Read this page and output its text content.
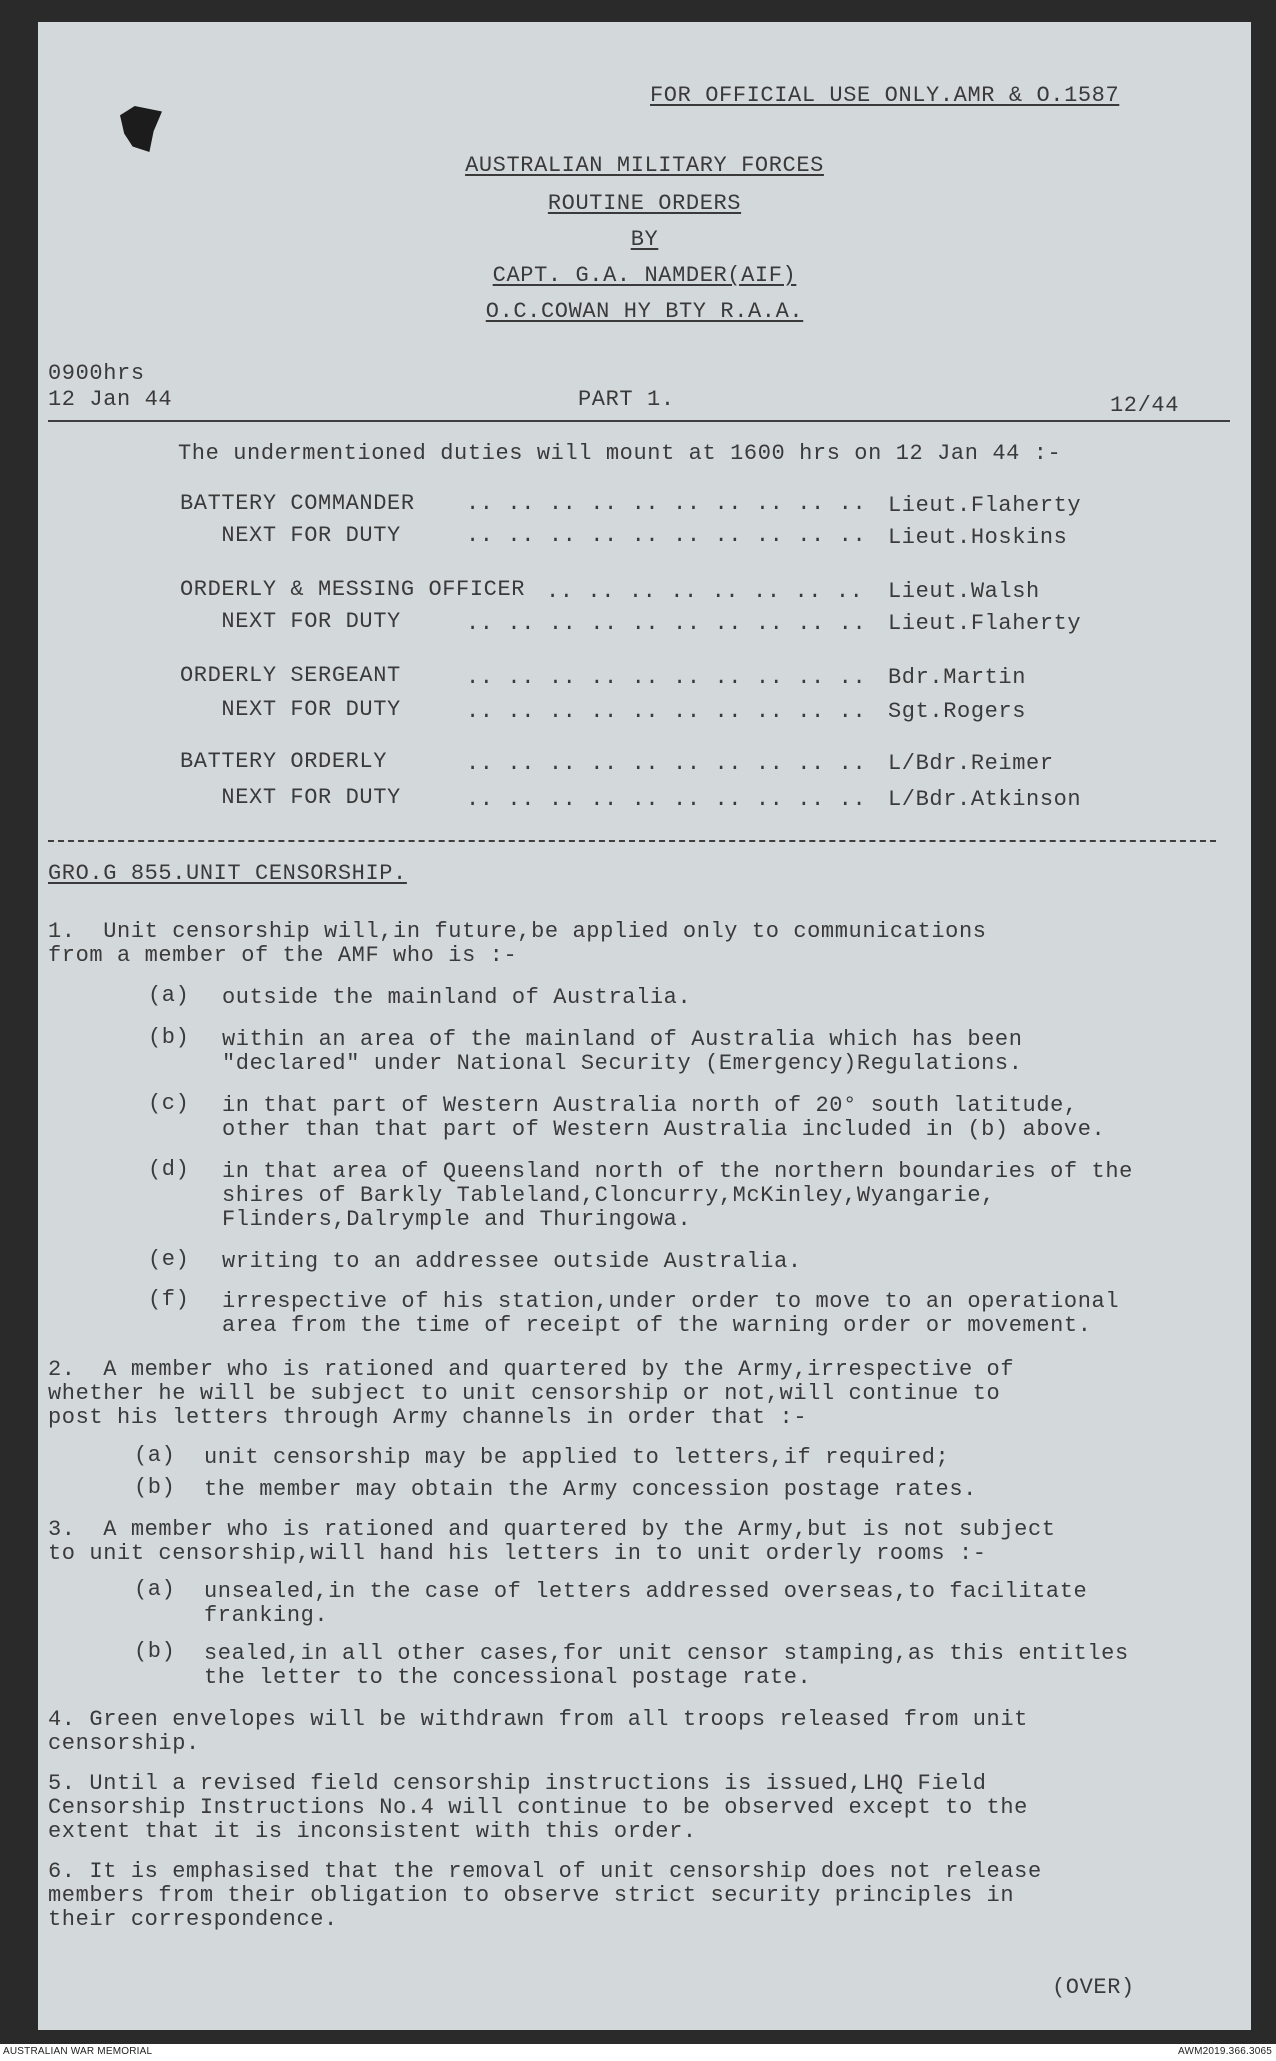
FOR OFFICIAL USE ONLY.AMR & O.1587
AUSTRALIAN MILITARY FORCES
ROUTINE ORDERS
BY
CAPT. G.A. NAMDER(AIF)
O.C.COWAN HY BTY R.A.A.
0900hrs
12 Jan 44	PART 1.	12/44
The undermentioned duties will mount at 1600 hrs on 12 Jan 44 :-
BATTERY COMMANDER .. .. .. .. .. .. .. .. .. .. Lieut.Flaherty
NEXT FOR DUTY	.. .. .. .. .. .. .. .. .. .. Lieut.Hoskins
ORDERLY & MESSING OFFICER .. .. .. .. .. .. .. .. Lieut.Walsh
NEXT FOR DUTY	.. .. .. .. .. .. .. .. .. .. Lieut.Flaherty
ORDERLY SERGEANT	.. .. .. .. .. .. .. .. .. .. Bdr.Martin
NEXT FOR DUTY	.. .. .. .. .. .. .. .. .. .. Sgt.Rogers
BATTERY ORDERLY	.. .. .. .. .. .. .. .. .. .. L/Bdr.Reimer
NEXT FOR DUTY	.. .. .. .. .. .. .. .. .. .. L/Bdr.Atkinson
GRO.G 855.UNIT CENSORSHIP.
1.  Unit censorship will,in future,be applied only to communications
from a member of the AMF who is :-
(a) outside the mainland of Australia.
(b) within an area of the mainland of Australia which has been
"declared" under National Security (Emergency)Regulations.
(c) in that part of Western Australia north of 20° south latitude,
other than that part of Western Australia included in (b) above.
(d) in that area of Queensland north of the northern boundaries of the
shires of Barkly Tableland,Cloncurry,McKinley,Wyangarie,
Flinders,Dalrymple and Thuringowa.
(e) writing to an addressee outside Australia.
(f) irrespective of his station,under order to move to an operational
area from the time of receipt of the warning order or movement.
2.  A member who is rationed and quartered by the Army,irrespective of
whether he will be subject to unit censorship or not,will continue to
post his letters through Army channels in order that :-
(a) unit censorship may be applied to letters,if required;
(b) the member may obtain the Army concession postage rates.
3.  A member who is rationed and quartered by the Army,but is not subject
to unit censorship,will hand his letters in to unit orderly rooms :-
(a) unsealed,in the case of letters addressed overseas,to facilitate
franking.
(b) sealed,in all other cases,for unit censor stamping,as this entitles
the letter to the concessional postage rate.
4. Green envelopes will be withdrawn from all troops released from unit
censorship.
5. Until a revised field censorship instructions is issued,LHQ Field
Censorship Instructions No.4 will continue to be observed except to the
extent that it is inconsistent with this order.
6. It is emphasised that the removal of unit censorship does not release
members from their obligation to observe strict security principles in
their correspondence.
(OVER)
AUSTRALIAN WAR MEMORIAL	AWM2019.366.3065
